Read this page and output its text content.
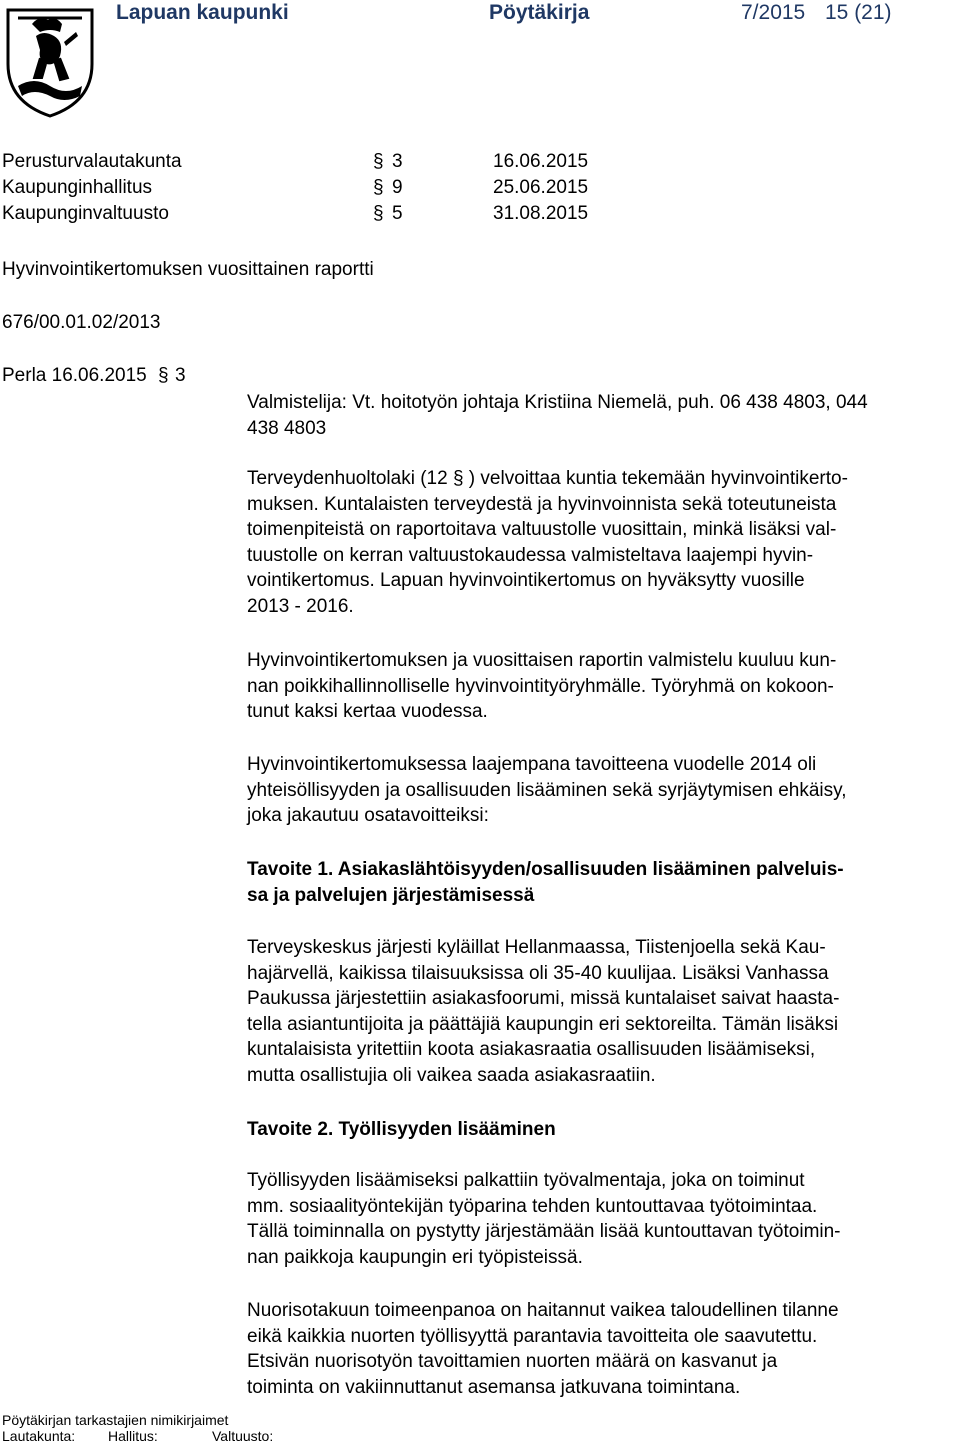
Lapuan kaupunki	Pöytäkirja	7/2015 15 (21)
Perusturvalautakunta	§ 3	16.06.2015
Kaupunginhallitus	§ 9	25.06.2015
Kaupunginvaltuusto	§ 5	31.08.2015
Hyvinvointikertomuksen vuosittainen raportti
676/00.01.02/2013
Perla 16.06.2015 § 3
Valmistelija: Vt. hoitotyön johtaja Kristiina Niemelä, puh. 06 438 4803, 044
438 4803
Terveydenhuoltolaki (12 § ) velvoittaa kuntia tekemään hyvinvointikerto-
muksen. Kuntalaisten terveydestä ja hyvinvoinnista sekä toteutuneista
toimenpiteistä on raportoitava valtuustolle vuosittain, minkä lisäksi val-
tuustolle on kerran valtuustokaudessa valmisteltava laajempi hyvin-
vointikertomus. Lapuan hyvinvointikertomus on hyväksytty vuosille
2013 - 2016.
Hyvinvointikertomuksen ja vuosittaisen raportin valmistelu kuuluu kun-
nan poikkihallinnolliselle hyvinvointityöryhmälle. Työryhmä on kokoon-
tunut kaksi kertaa vuodessa.
Hyvinvointikertomuksessa laajempana tavoitteena vuodelle 2014 oli
yhteisöllisyyden ja osallisuuden lisääminen sekä syrjäytymisen ehkäisy,
joka jakautuu osatavoitteiksi:
Tavoite 1. Asiakaslähtöisyyden/osallisuuden lisääminen palveluis-
sa ja palvelujen järjestämisessä
Terveyskeskus järjesti kyläillat Hellanmaassa, Tiistenjoella sekä Kau-
hajärvellä, kaikissa tilaisuuksissa oli 35-40 kuulijaa. Lisäksi Vanhassa
Paukussa järjestettiin asiakasfoorumi, missä kuntalaiset saivat haasta-
tella asiantuntijoita ja päättäjiä kaupungin eri sektoreilta. Tämän lisäksi
kuntalaisista yritettiin koota asiakasraatia osallisuuden lisäämiseksi,
mutta osallistujia oli vaikea saada asiakasraatiin.
Tavoite 2. Työllisyyden lisääminen
Työllisyyden lisäämiseksi palkattiin työvalmentaja, joka on toiminut
mm. sosiaalityöntekijän työparina tehden kuntouttavaa työtoimintaa.
Tällä toiminnalla on pystytty järjestämään lisää kuntouttavan työtoimin-
nan paikkoja kaupungin eri työpisteissä.
Nuorisotakuun toimeenpanoa on haitannut vaikea taloudellinen tilanne
eikä kaikkia nuorten työllisyyttä parantavia tavoitteita ole saavutettu.
Etsivän nuorisotyön tavoittamien nuorten määrä on kasvanut ja
toiminta on vakiinnuttanut asemansa jatkuvana toimintana.
Pöytäkirjan tarkastajien nimikirjaimet
Lautakunta: Hallitus:	Valtuusto:
